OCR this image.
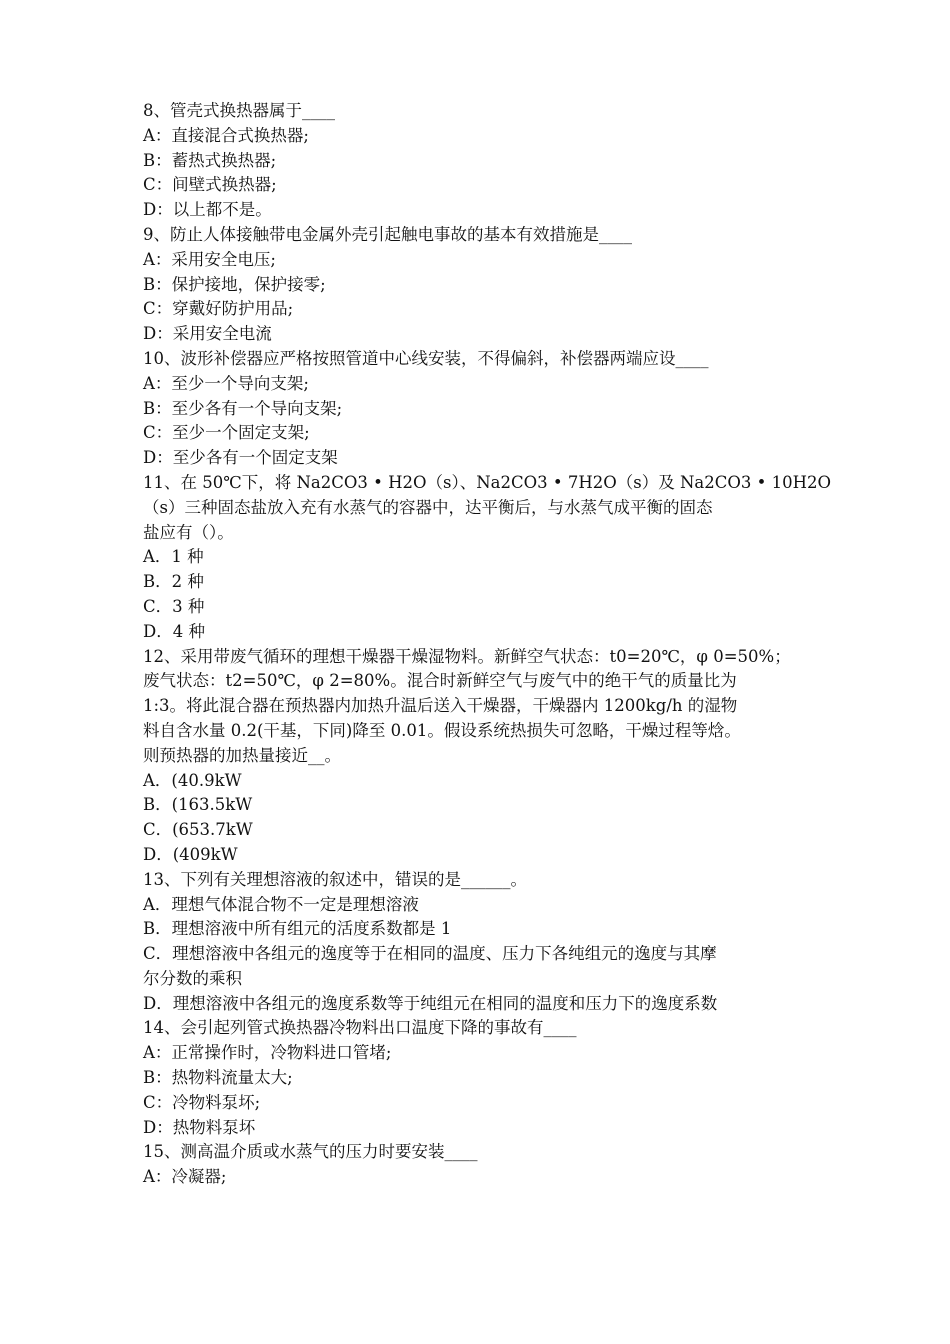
8、管壳式换热器属于____
A：直接混合式换热器;
B：蓄热式换热器;
C：间壁式换热器;
D：以上都不是。
9、防止人体接触带电金属外壳引起触电事故的基本有效措施是____
A：采用安全电压;
B：保护接地，保护接零;
C：穿戴好防护用品;
D：采用安全电流
10、波形补偿器应严格按照管道中心线安装，不得偏斜，补偿器两端应设____
A：至少一个导向支架;
B：至少各有一个导向支架;
C：至少一个固定支架;
D：至少各有一个固定支架
11、在 50℃下，将 Na2CO3 • H2O（s）、Na2CO3 • 7H2O（s）及 Na2CO3 • 10H2O
（s）三种固态盐放入充有水蒸气的容器中，达平衡后，与水蒸气成平衡的固态
盐应有（）。
A．1 种
B．2 种
C．3 种
D．4 种
12、采用带废气循环的理想干燥器干燥湿物料。新鲜空气状态：t0=20℃，φ 0=50%；
废气状态：t2=50℃，φ 2=80%。混合时新鲜空气与废气中的绝干气的质量比为
1:3。将此混合器在预热器内加热升温后送入干燥器，干燥器内 1200kg/h 的湿物
料自含水量 0.2(干基，下同)降至 0.01。假设系统热损失可忽略，干燥过程等焓。
则预热器的加热量接近__。
A．(40.9kW
B．(163.5kW
C．(653.7kW
D．(409kW
13、下列有关理想溶液的叙述中，错误的是______。
A．理想气体混合物不一定是理想溶液
B．理想溶液中所有组元的活度系数都是 1
C．理想溶液中各组元的逸度等于在相同的温度、压力下各纯组元的逸度与其摩
尔分数的乘积
D．理想溶液中各组元的逸度系数等于纯组元在相同的温度和压力下的逸度系数
14、会引起列管式换热器冷物料出口温度下降的事故有____
A：正常操作时，冷物料进口管堵;
B：热物料流量太大;
C：冷物料泵坏;
D：热物料泵坏
15、测高温介质或水蒸气的压力时要安装____
A：冷凝器;
